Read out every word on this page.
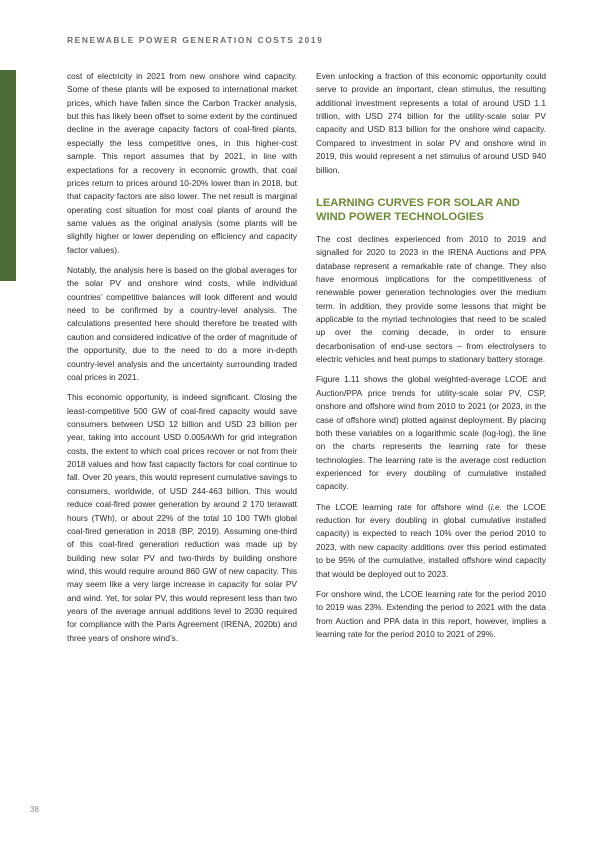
RENEWABLE POWER GENERATION COSTS 2019

cost of electricity in 2021 from new onshore wind capacity. Some of these plants will be exposed to international market prices, which have fallen since the Carbon Tracker analysis, but this has likely been offset to some extent by the continued decline in the average capacity factors of coal-fired plants, especially the less competitive ones, in this higher-cost sample. This report assumes that by 2021, in line with expectations for a recovery in economic growth, that coal prices return to prices around 10-20% lower than in 2018, but that capacity factors are also lower. The net result is marginal operating cost situation for most coal plants of around the same values as the original analysis (some plants will be slightly higher or lower depending on efficiency and capacity factor values).

Notably, the analysis here is based on the global averages for the solar PV and onshore wind costs, while individual countries’ competitive balances will look different and would need to be confirmed by a country-level analysis. The calculations presented here should therefore be treated with caution and considered indicative of the order of magnitude of the opportunity, due to the need to do a more in-depth country-level analysis and the uncertainty surrounding traded coal prices in 2021.

This economic opportunity, is indeed significant. Closing the least-competitive 500 GW of coal-fired capacity would save consumers between USD 12 billion and USD 23 billion per year, taking into account USD 0.005/kWh for grid integration costs, the extent to which coal prices recover or not from their 2018 values and how fast capacity factors for coal continue to fall. Over 20 years, this would represent cumulative savings to consumers, worldwide, of USD 244-463 billion. This would reduce coal-fired power generation by around 2 170 terawatt hours (TWh), or about 22% of the total 10 100 TWh global coal-fired generation in 2018 (BP, 2019). Assuming one-third of this coal-fired generation reduction was made up by building new solar PV and two-thirds by building onshore wind, this would require around 860 GW of new capacity. This may seem like a very large increase in capacity for solar PV and wind. Yet, for solar PV, this would represent less than two years of the average annual additions level to 2030 required for compliance with the Paris Agreement (IRENA, 2020b) and three years of onshore wind’s.

Even unlocking a fraction of this economic opportunity could serve to provide an important, clean stimulus, the resulting additional investment represents a total of around USD 1.1 trillion, with USD 274 billion for the utility-scale solar PV capacity and USD 813 billion for the onshore wind capacity. Compared to investment in solar PV and onshore wind in 2019, this would represent a net stimulus of around USD 940 billion.

LEARNING CURVES FOR SOLAR AND WIND POWER TECHNOLOGIES

The cost declines experienced from 2010 to 2019 and signalled for 2020 to 2023 in the IRENA Auctions and PPA database represent a remarkable rate of change. They also have enormous implications for the competitiveness of renewable power generation technologies over the medium term. In addition, they provide some lessons that might be applicable to the myriad technologies that need to be scaled up over the coming decade, in order to ensure decarbonisation of end-use sectors – from electrolysers to electric vehicles and heat pumps to stationary battery storage.

Figure 1.11 shows the global weighted-average LCOE and Auction/PPA price trends for utility-scale solar PV, CSP, onshore and offshore wind from 2010 to 2021 (or 2023, in the case of offshore wind) plotted against deployment. By placing both these variables on a logarithmic scale (log-log), the line on the charts represents the learning rate for these technologies. The learning rate is the average cost reduction experienced for every doubling of cumulative installed capacity.

The LCOE learning rate for offshore wind (i.e. the LCOE reduction for every doubling in global cumulative installed capacity) is expected to reach 10% over the period 2010 to 2023, with new capacity additions over this period estimated to be 95% of the cumulative, installed offshore wind capacity that would be deployed out to 2023.

For onshore wind, the LCOE learning rate for the period 2010 to 2019 was 23%. Extending the period to 2021 with the data from Auction and PPA data in this report, however, implies a learning rate for the period 2010 to 2021 of 29%.

38
